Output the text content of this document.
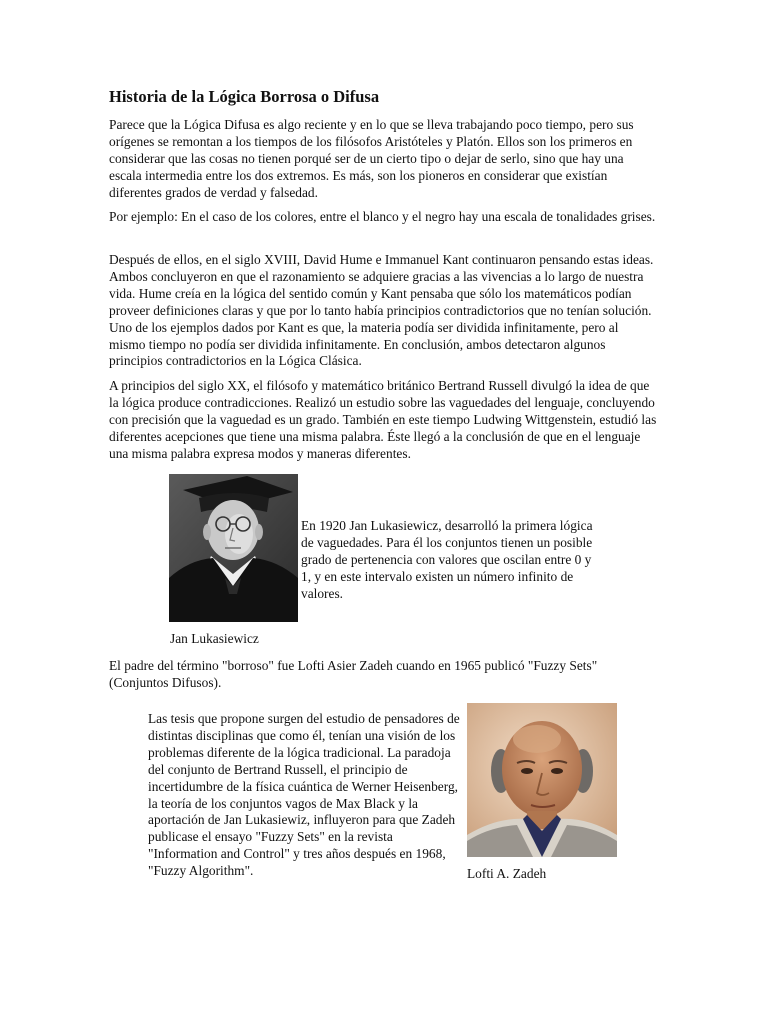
Historia de la Lógica Borrosa o Difusa

Parece que la Lógica Difusa es algo reciente y en lo que se lleva trabajando poco tiempo, pero sus orígenes se remontan a los tiempos de los filósofos Aristóteles y Platón. Ellos son los primeros en considerar que las cosas no tienen porqué ser de un cierto tipo o dejar de serlo, sino que hay una escala intermedia entre los dos extremos. Es más, son los pioneros en considerar que existían diferentes grados de verdad y falsedad.

Por ejemplo: En el caso de los colores, entre el blanco y el negro hay una escala de tonalidades grises.

Después de ellos, en el siglo XVIII, David Hume e Immanuel Kant continuaron pensando estas ideas. Ambos concluyeron en que el razonamiento se adquiere gracias a las vivencias a lo largo de nuestra vida. Hume creía en la lógica del sentido común y Kant pensaba que sólo los matemáticos podían proveer definiciones claras y que por lo tanto había principios contradictorios que no tenían solución. Uno de los ejemplos dados por Kant es que, la materia podía ser dividida infinitamente, pero al mismo tiempo no podía ser dividida infinitamente. En conclusión, ambos detectaron algunos principios contradictorios en la Lógica Clásica.

A principios del siglo XX, el filósofo y matemático británico Bertrand Russell divulgó la idea de que la lógica produce contradicciones. Realizó un estudio sobre las vaguedades del lenguaje, concluyendo con precisión que la vaguedad es un grado. También en este tiempo Ludwing Wittgenstein, estudió las diferentes acepciones que tiene una misma palabra. Éste llegó a la conclusión de que en el lenguaje una misma palabra expresa modos y maneras diferentes.

Jan Lukasiewicz

En 1920 Jan Lukasiewicz, desarrolló la primera lógica de vaguedades. Para él los conjuntos tienen un posible grado de pertenencia con valores que oscilan entre 0 y 1, y en este intervalo existen un número infinito de valores.

El padre del término "borroso" fue Lofti Asier Zadeh cuando en 1965 publicó "Fuzzy Sets" (Conjuntos Difusos).

Las tesis que propone surgen del estudio de pensadores de distintas disciplinas que como él, tenían una visión de los problemas diferente de la lógica tradicional. La paradoja del conjunto de Bertrand Russell, el principio de incertidumbre de la física cuántica de Werner Heisenberg, la teoría de los conjuntos vagos de Max Black y la aportación de Jan Lukasiewiz, influyeron para que Zadeh publicase el ensayo "Fuzzy Sets" en la revista "Information and Control" y tres años después en 1968, "Fuzzy Algorithm".	Lofti A. Zadeh
